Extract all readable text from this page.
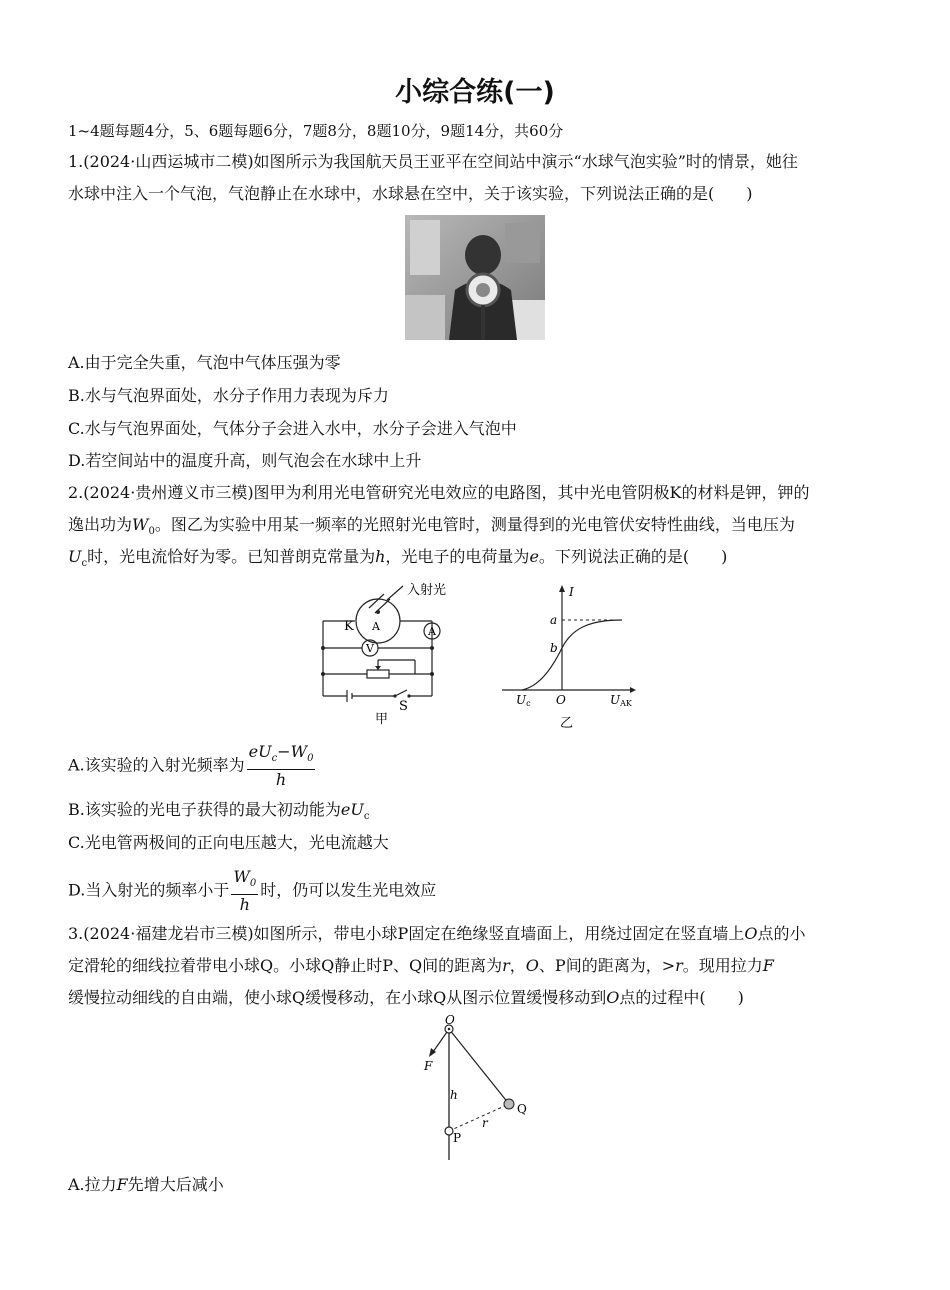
小综合练(一)
1~4题每题4分，5、6题每题6分，7题8分，8题10分，9题14分，共60分
1.(2024·山西运城市二模)如图所示为我国航天员王亚平在空间站中演示“水球气泡实验”时的情景，她往
水球中注入一个气泡，气泡静止在水球中，水球悬在空中，关于该实验，下列说法正确的是(　　)
A.由于完全失重，气泡中气体压强为零
B.水与气泡界面处，水分子作用力表现为斥力
C.水与气泡界面处，气体分子会进入水中，水分子会进入气泡中
D.若空间站中的温度升高，则气泡会在水球中上升
2.(2024·贵州遵义市三模)图甲为利用光电管研究光电效应的电路图，其中光电管阴极K的材料是钾，钾的
逸出功为$W_0$。图乙为实验中用某一频率的光照射光电管时，测量得到的光电管伏安特性曲线，当电压为
$U_c$时，光电流恰好为零。已知普朗克常量为h，光电子的电荷量为e。下列说法正确的是(　　)
入射光
K A	A
V
S
甲
I
a
b
Uc O	UAK
乙
A.该实验的入射光频率为 $\frac{eU_c-W_0}{h}$
B.该实验的光电子获得的最大初动能为$eU_c$
C.光电管两极间的正向电压越大，光电流越大
D.当入射光的频率小于 $\frac{W_0}{h}$ 时，仍可以发生光电效应
3.(2024·福建龙岩市三模)如图所示，带电小球P固定在绝缘竖直墙面上，用绕过固定在竖直墙上O点的小
定滑轮的细线拉着带电小球Q。小球Q静止时P、Q间的距离为r，O、P间的距离为，>r。现用拉力F
缓慢拉动细线的自由端，使小球Q缓慢移动，在小球Q从图示位置缓慢移动到O点的过程中(　　)
O
F
h
r
Q
P
A.拉力F先增大后减小
